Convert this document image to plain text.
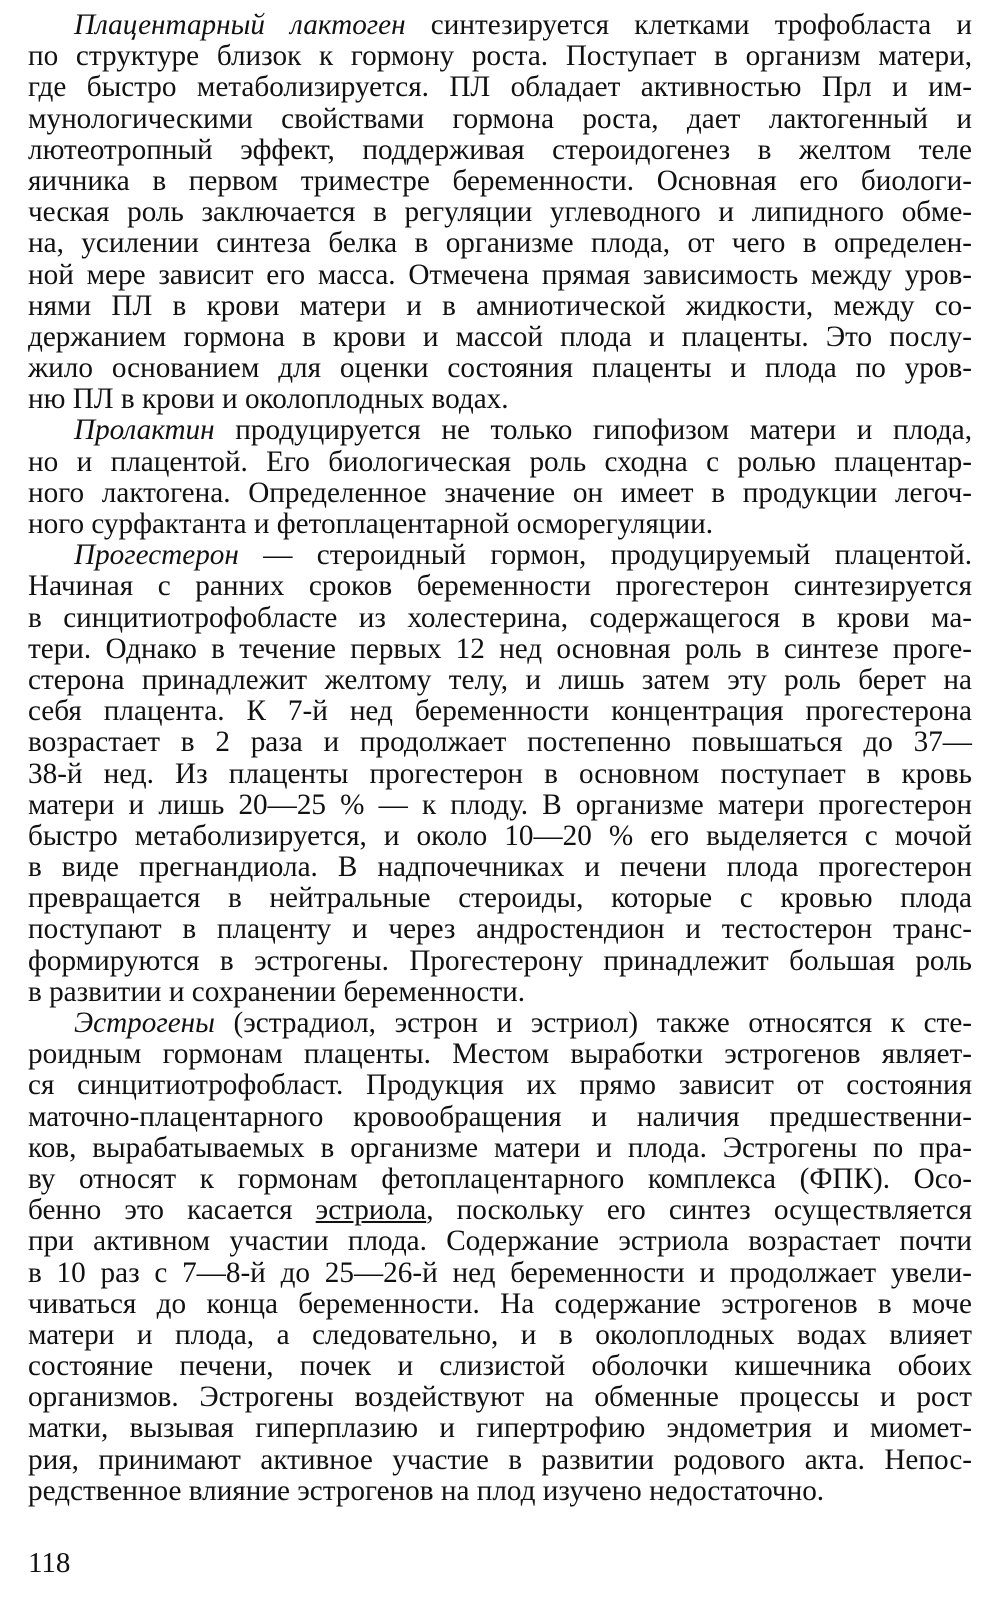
Плацентарный лактоген синтезируется клетками трофобласта и
по структуре близок к гормону роста. Поступает в организм матери,
где быстро метаболизируется. ПЛ обладает активностью Прл и им-
мунологическими свойствами гормона роста, дает лактогенный и
лютеотропный эффект, поддерживая стероидогенез в желтом теле
яичника в первом триместре беременности. Основная его биологи-
ческая роль заключается в регуляции углеводного и липидного обме-
на, усилении синтеза белка в организме плода, от чего в определен-
ной мере зависит его масса. Отмечена прямая зависимость между уров-
нями ПЛ в крови матери и в амниотической жидкости, между со-
держанием гормона в крови и массой плода и плаценты. Это послу-
жило основанием для оценки состояния плаценты и плода по уров-
ню ПЛ в крови и околоплодных водах.
Пролактин продуцируется не только гипофизом матери и плода,
но и плацентой. Его биологическая роль сходна с ролью плацентар-
ного лактогена. Определенное значение он имеет в продукции легоч-
ного сурфактанта и фетоплацентарной осморегуляции.
Прогестерон — стероидный гормон, продуцируемый плацентой.
Начиная с ранних сроков беременности прогестерон синтезируется
в синцитиотрофобласте из холестерина, содержащегося в крови ма-
тери. Однако в течение первых 12 нед основная роль в синтезе проге-
стерона принадлежит желтому телу, и лишь затем эту роль берет на
себя плацента. К 7-й нед беременности концентрация прогестерона
возрастает в 2 раза и продолжает постепенно повышаться до 37—
38-й нед. Из плаценты прогестерон в основном поступает в кровь
матери и лишь 20—25 % — к плоду. В организме матери прогестерон
быстро метаболизируется, и около 10—20 % его выделяется с мочой
в виде прегнандиола. В надпочечниках и печени плода прогестерон
превращается в нейтральные стероиды, которые с кровью плода
поступают в плаценту и через андростендион и тестостерон транс-
формируются в эстрогены. Прогестерону принадлежит большая роль
в развитии и сохранении беременности.
Эстрогены (эстрадиол, эстрон и эстриол) также относятся к сте-
роидным гормонам плаценты. Местом выработки эстрогенов являет-
ся синцитиотрофобласт. Продукция их прямо зависит от состояния
маточно-плацентарного кровообращения и наличия предшественни-
ков, вырабатываемых в организме матери и плода. Эстрогены по пра-
ву относят к гормонам фетоплацентарного комплекса (ФПК). Осо-
бенно это касается эстриола, поскольку его синтез осуществляется
при активном участии плода. Содержание эстриола возрастает почти
в 10 раз с 7—8-й до 25—26-й нед беременности и продолжает увели-
чиваться до конца беременности. На содержание эстрогенов в моче
матери и плода, а следовательно, и в околоплодных водах влияет
состояние печени, почек и слизистой оболочки кишечника обоих
организмов. Эстрогены воздействуют на обменные процессы и рост
матки, вызывая гиперплазию и гипертрофию эндометрия и миомет-
рия, принимают активное участие в развитии родового акта. Непос-
редственное влияние эстрогенов на плод изучено недостаточно.
118
